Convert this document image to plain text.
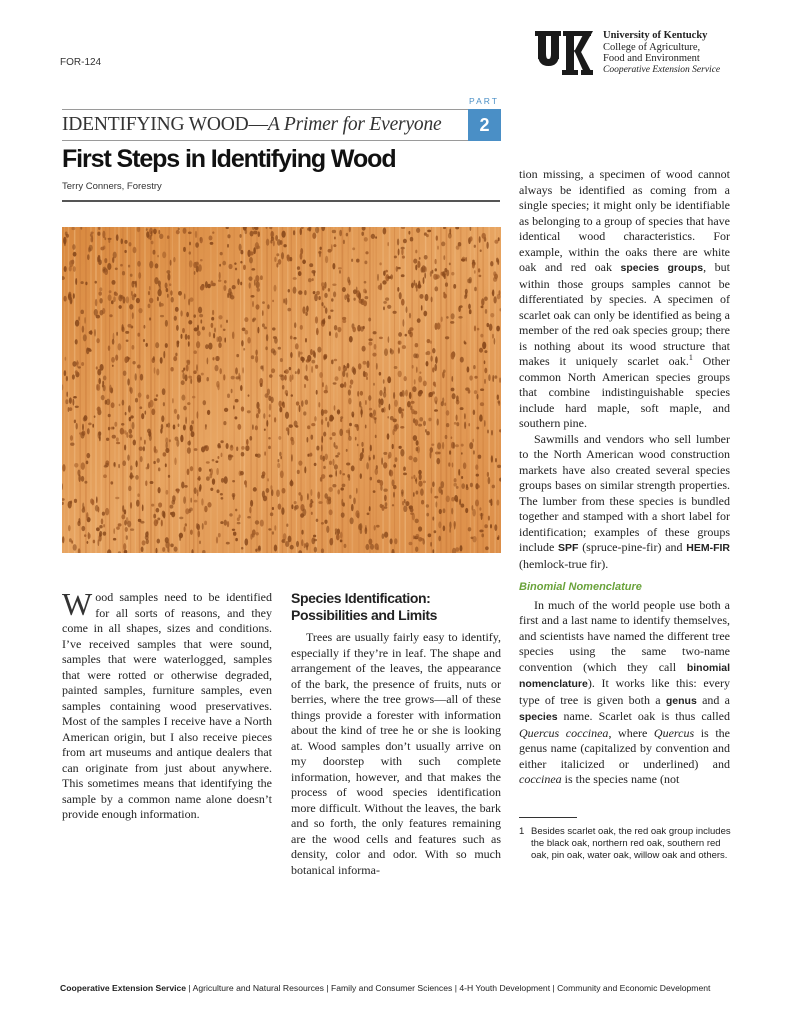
FOR-124
University of Kentucky
College of Agriculture,
Food and Environment
Cooperative Extension Service
PART
2
IDENTIFYING WOOD—A Primer for Everyone
First Steps in Identifying Wood
Terry Conners, Forestry

Wood samples need to be identified for all sorts of reasons, and they come in all shapes, sizes and conditions. I’ve received samples that were sound, samples that were waterlogged, samples that were rotted or otherwise degraded, painted samples, furniture samples, even samples containing wood preservatives. Most of the samples I receive have a North American origin, but I also receive pieces from art museums and antique dealers that can originate from just about anywhere. This sometimes means that identifying the sample by a common name alone doesn’t provide enough information.

Species Identification: Possibilities and Limits

Trees are usually fairly easy to identify, especially if they’re in leaf. The shape and arrangement of the leaves, the appearance of the bark, the presence of fruits, nuts or berries, where the tree grows—all of these things provide a forester with information about the kind of tree he or she is looking at. Wood samples don’t usually arrive on my doorstep with such complete information, however, and that makes the process of wood species identification more difficult. Without the leaves, the bark and so forth, the only features remaining are the wood cells and features such as density, color and odor. With so much botanical informa-

tion missing, a specimen of wood cannot always be identified as coming from a single species; it might only be identifiable as belonging to a group of species that have identical wood characteristics. For example, within the oaks there are white oak and red oak species groups, but within those groups samples cannot be differentiated by species. A specimen of scarlet oak can only be identified as being a member of the red oak species group; there is nothing about its wood structure that makes it uniquely scarlet oak.$^1$ Other common North American species groups that combine indistinguishable species include hard maple, soft maple, and southern pine.

Sawmills and vendors who sell lumber to the North American wood construction markets have also created several species groups bases on similar strength properties. The lumber from these species is bundled together and stamped with a short label for identification; examples of these groups include SPF (spruce-pine-fir) and HEM-FIR (hemlock-true fir).

Binomial Nomenclature

In much of the world people use both a first and a last name to identify themselves, and scientists have named the different tree species using the same two-name convention (which they call binomial nomenclature). It works like this: every type of tree is given both a genus and a species name. Scarlet oak is thus called Quercus coccinea, where Quercus is the genus name (capitalized by convention and either italicized or underlined) and coccinea is the species name (not

1 Besides scarlet oak, the red oak group includes the black oak, northern red oak, southern red oak, pin oak, water oak, willow oak and others.
Cooperative Extension Service | Agriculture and Natural Resources | Family and Consumer Sciences | 4-H Youth Development | Community and Economic Development
